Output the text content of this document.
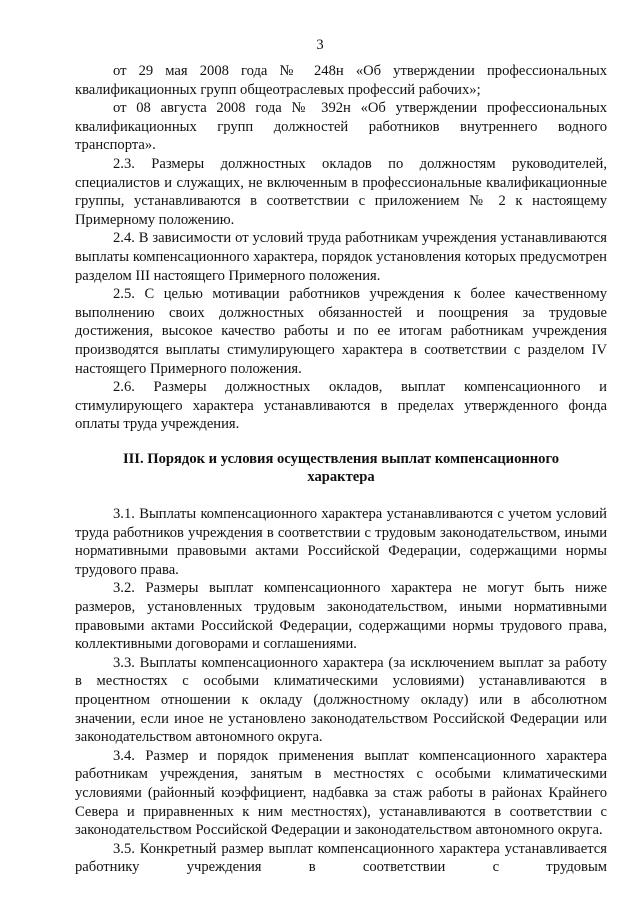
3

от 29 мая 2008 года № 248н «Об утверждении профессиональных квалификационных групп общеотраслевых профессий рабочих»;

от 08 августа 2008 года № 392н «Об утверждении профессиональных квалификационных групп должностей работников внутреннего водного транспорта».

2.3. Размеры должностных окладов по должностям руководителей, специалистов и служащих, не включенным в профессиональные квалификационные группы, устанавливаются в соответствии с приложением № 2 к настоящему Примерному положению.

2.4. В зависимости от условий труда работникам учреждения устанавливаются выплаты компенсационного характера, порядок установления которых предусмотрен разделом III настоящего Примерного положения.

2.5. С целью мотивации работников учреждения к более качественному выполнению своих должностных обязанностей и поощрения за трудовые достижения, высокое качество работы и по ее итогам работникам учреждения производятся выплаты стимулирующего характера в соответствии с разделом IV настоящего Примерного положения.

2.6. Размеры должностных окладов, выплат компенсационного и стимулирующего характера устанавливаются в пределах утвержденного фонда оплаты труда учреждения.

III. Порядок и условия осуществления выплат компенсационного характера

3.1. Выплаты компенсационного характера устанавливаются с учетом условий труда работников учреждения в соответствии с трудовым законодательством, иными нормативными правовыми актами Российской Федерации, содержащими нормы трудового права.

3.2. Размеры выплат компенсационного характера не могут быть ниже размеров, установленных трудовым законодательством, иными нормативными правовыми актами Российской Федерации, содержащими нормы трудового права, коллективными договорами и соглашениями.

3.3. Выплаты компенсационного характера (за исключением выплат за работу в местностях с особыми климатическими условиями) устанавливаются в процентном отношении к окладу (должностному окладу) или в абсолютном значении, если иное не установлено законодательством Российской Федерации или законодательством автономного округа.

3.4. Размер и порядок применения выплат компенсационного характера работникам учреждения, занятым в местностях с особыми климатическими условиями (районный коэффициент, надбавка за стаж работы в районах Крайнего Севера и приравненных к ним местностях), устанавливаются в соответствии с законодательством Российской Федерации и законодательством автономного округа.

3.5. Конкретный размер выплат компенсационного характера устанавливается работнику учреждения в соответствии с трудовым
